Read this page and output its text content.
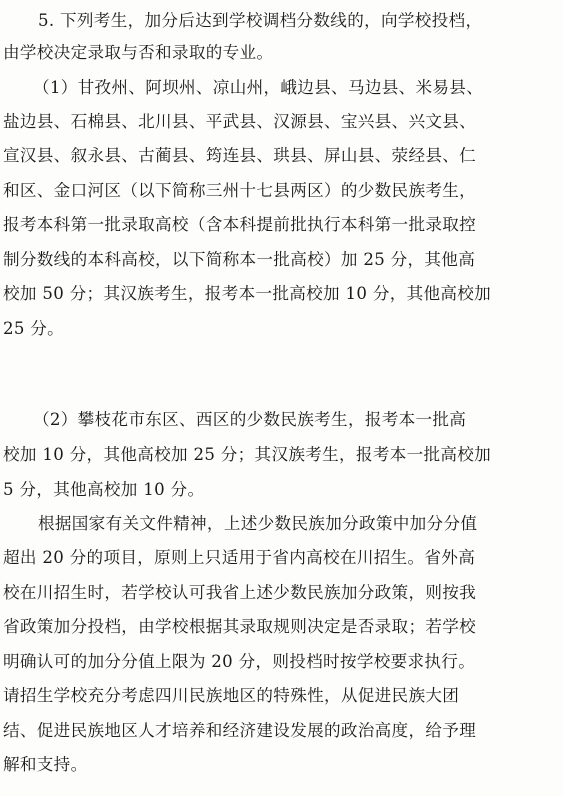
5. 下列考生，加分后达到学校调档分数线的，向学校投档，
由学校决定录取与否和录取的专业。
（1）甘孜州、阿坝州、凉山州，峨边县、马边县、米易县、
盐边县、石棉县、北川县、平武县、汉源县、宝兴县、兴文县、
宣汉县、叙永县、古蔺县、筠连县、珙县、屏山县、荥经县、仁
和区、金口河区（以下简称三州十七县两区）的少数民族考生，
报考本科第一批录取高校（含本科提前批执行本科第一批录取控
制分数线的本科高校，以下简称本一批高校）加 25 分，其他高
校加 50 分；其汉族考生，报考本一批高校加 10 分，其他高校加
25 分。
（2）攀枝花市东区、西区的少数民族考生，报考本一批高
校加 10 分，其他高校加 25 分；其汉族考生，报考本一批高校加
5 分，其他高校加 10 分。
根据国家有关文件精神，上述少数民族加分政策中加分分值
超出 20 分的项目，原则上只适用于省内高校在川招生。省外高
校在川招生时，若学校认可我省上述少数民族加分政策，则按我
省政策加分投档，由学校根据其录取规则决定是否录取；若学校
明确认可的加分分值上限为 20 分，则投档时按学校要求执行。
请招生学校充分考虑四川民族地区的特殊性，从促进民族大团
结、促进民族地区人才培养和经济建设发展的政治高度，给予理
解和支持。
